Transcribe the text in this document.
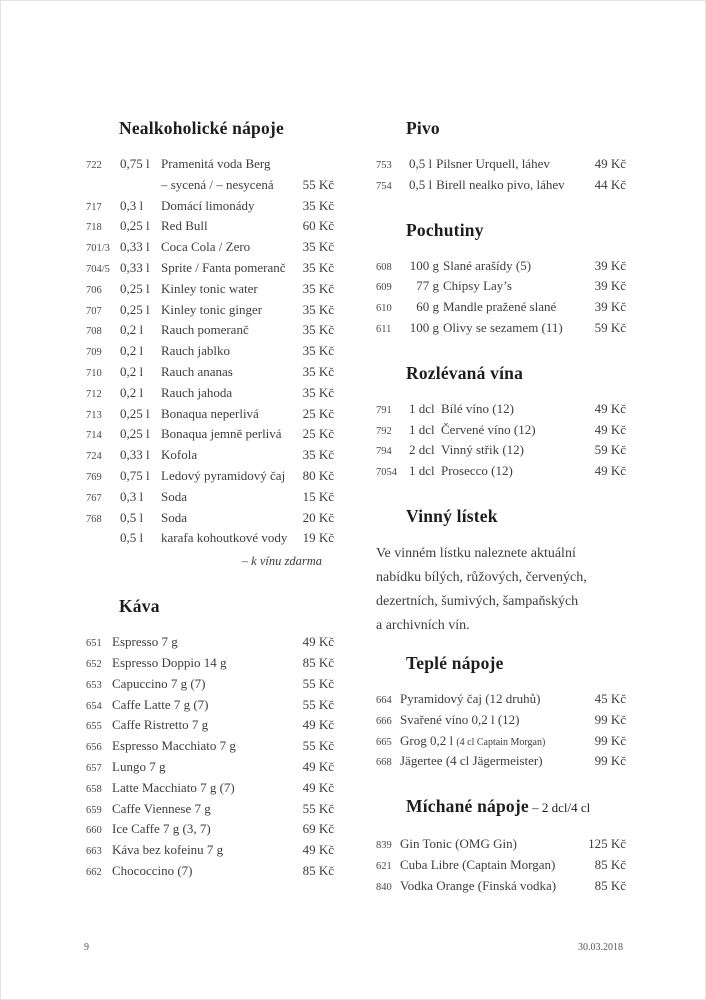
Nealkoholické nápoje
722	0,75 l Pramenitá voda Berg
– sycená / – nesycená	55 Kč
717	0,3 l	Domácí limonády	35 Kč
718	0,25 l Red Bull	60 Kč
701/3 0,33 l Coca Cola / Zero	35 Kč
704/5 0,33 l Sprite / Fanta pomeranč	35 Kč
706	0,25 l Kinley tonic water	35 Kč
707	0,25 l Kinley tonic ginger	35 Kč
708	0,2 l	Rauch pomeranč	35 Kč
709	0,2 l	Rauch jablko	35 Kč
710	0,2 l	Rauch ananas	35 Kč
712	0,2 l	Rauch jahoda	35 Kč
713	0,25 l Bonaqua neperlivá	25 Kč
714	0,25 l Bonaqua jemně perlivá	25 Kč
724	0,33 l Kofola	35 Kč
769	0,75 l Ledový pyramidový čaj	80 Kč
767	0,3 l	Soda	15 Kč
768	0,5 l	Soda	20 Kč
0,5 l	karafa kohoutkové vody	19 Kč
– k vínu zdarma
Káva
651 Espresso 7 g	49 Kč
652 Espresso Doppio 14 g	85 Kč
653 Capuccino 7 g (7)	55 Kč
654 Caffe Latte 7 g (7)	55 Kč
655 Caffe Ristretto 7 g	49 Kč
656 Espresso Macchiato 7 g	55 Kč
657 Lungo 7 g	49 Kč
658 Latte Macchiato 7 g (7)	49 Kč
659 Caffe Viennese 7 g	55 Kč
660 Ice Caffe 7 g (3, 7)	69 Kč
663 Káva bez kofeinu 7 g	49 Kč
662 Chococcino (7)	85 Kč
Pivo
753	0,5 l Pilsner Urquell, láhev	49 Kč
754	0,5 l Birell nealko pivo, láhev	44 Kč
Pochutiny
608	100 g Slané arašídy (5)	39 Kč
609	77 g Chipsy Lay’s	39 Kč
610	60 g Mandle pražené slané	39 Kč
611	100 g Olivy se sezamem (11)	59 Kč
Rozlévaná vína
791	1 dcl Bílé víno (12)	49 Kč
792	1 dcl Červené víno (12)	49 Kč
794	2 dcl Vinný střik (12)	59 Kč
7054 1 dcl Prosecco (12)	49 Kč
Vinný lístek
Ve vinném lístku naleznete aktuální
nabídku bílých, růžových, červených,
dezertních, šumivých, šampaňských
a archivních vín.
Teplé nápoje
664 Pyramidový čaj (12 druhů)	45 Kč
666 Svařené víno 0,2 l (12)	99 Kč
665 Grog 0,2 l (4 cl Captain Morgan)	99 Kč
668 Jägertee (4 cl Jägermeister)	99 Kč
Míchané nápoje – 2 dcl/4 cl
839 Gin Tonic (OMG Gin)	125 Kč
621 Cuba Libre (Captain Morgan)	85 Kč
840 Vodka Orange (Finská vodka)	85 Kč
9	30.03.2018
